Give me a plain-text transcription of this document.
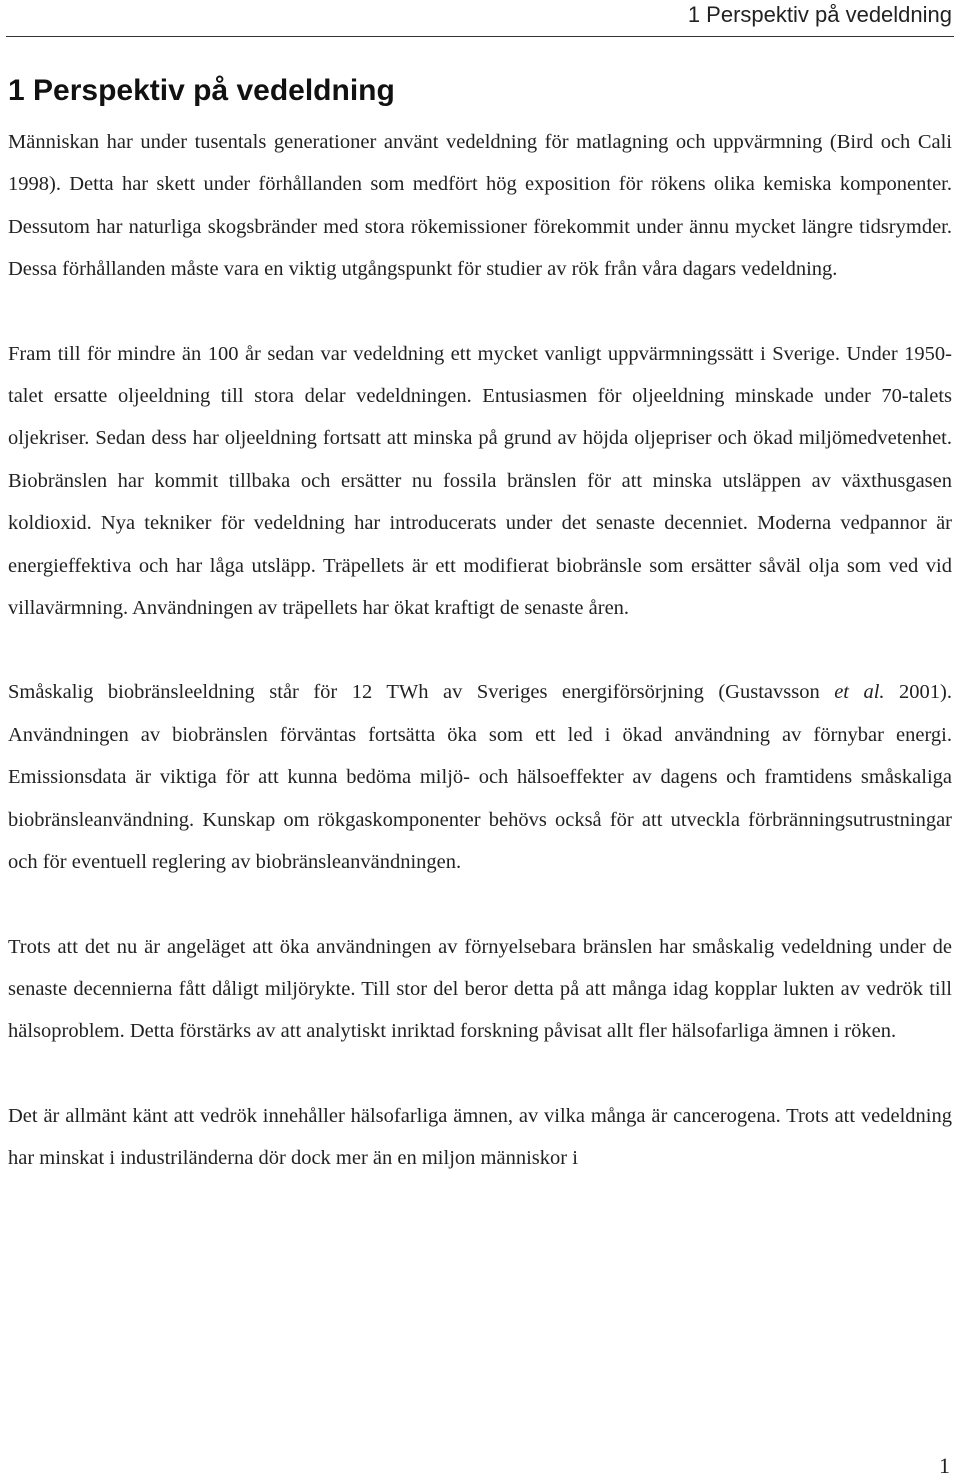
1 Perspektiv på vedeldning
1 Perspektiv på vedeldning

Människan har under tusentals generationer använt vedeldning för matlagning och uppvärmning (Bird och Cali 1998). Detta har skett under förhållanden som medfört hög exposition för rökens olika kemiska komponenter. Dessutom har naturliga skogsbränder med stora rökemissioner förekommit under ännu mycket längre tidsrymder. Dessa förhållanden måste vara en viktig utgångspunkt för studier av rök från våra dagars vedeldning.

Fram till för mindre än 100 år sedan var vedeldning ett mycket vanligt uppvärmningssätt i Sverige. Under 1950-talet ersatte oljeeldning till stora delar vedeldningen. Entusiasmen för oljeeldning minskade under 70-talets oljekriser. Sedan dess har oljeeldning fortsatt att minska på grund av höjda oljepriser och ökad miljömedvetenhet. Biobränslen har kommit tillbaka och ersätter nu fossila bränslen för att minska utsläppen av växthusgasen koldioxid. Nya tekniker för vedeldning har introducerats under det senaste decenniet. Moderna vedpannor är energieffektiva och har låga utsläpp. Träpellets är ett modifierat biobränsle som ersätter såväl olja som ved vid villavärmning. Användningen av träpellets har ökat kraftigt de senaste åren.

Småskalig biobränsleeldning står för 12 TWh av Sveriges energiförsörjning (Gustavsson et al. 2001). Användningen av biobränslen förväntas fortsätta öka som ett led i ökad användning av förnybar energi. Emissionsdata är viktiga för att kunna bedöma miljö- och hälsoeffekter av dagens och framtidens småskaliga biobränsleanvändning. Kunskap om rökgaskomponenter behövs också för att utveckla förbränningsutrustningar och för eventuell reglering av biobränsleanvändningen.

Trots att det nu är angeläget att öka användningen av förnyelsebara bränslen har småskalig vedeldning under de senaste decennierna fått dåligt miljörykte. Till stor del beror detta på att många idag kopplar lukten av vedrök till hälsoproblem. Detta förstärks av att analytiskt inriktad forskning påvisat allt fler hälsofarliga ämnen i röken.

Det är allmänt känt att vedrök innehåller hälsofarliga ämnen, av vilka många är cancerogena. Trots att vedeldning har minskat i industriländerna dör dock mer än en miljon människor i

1
